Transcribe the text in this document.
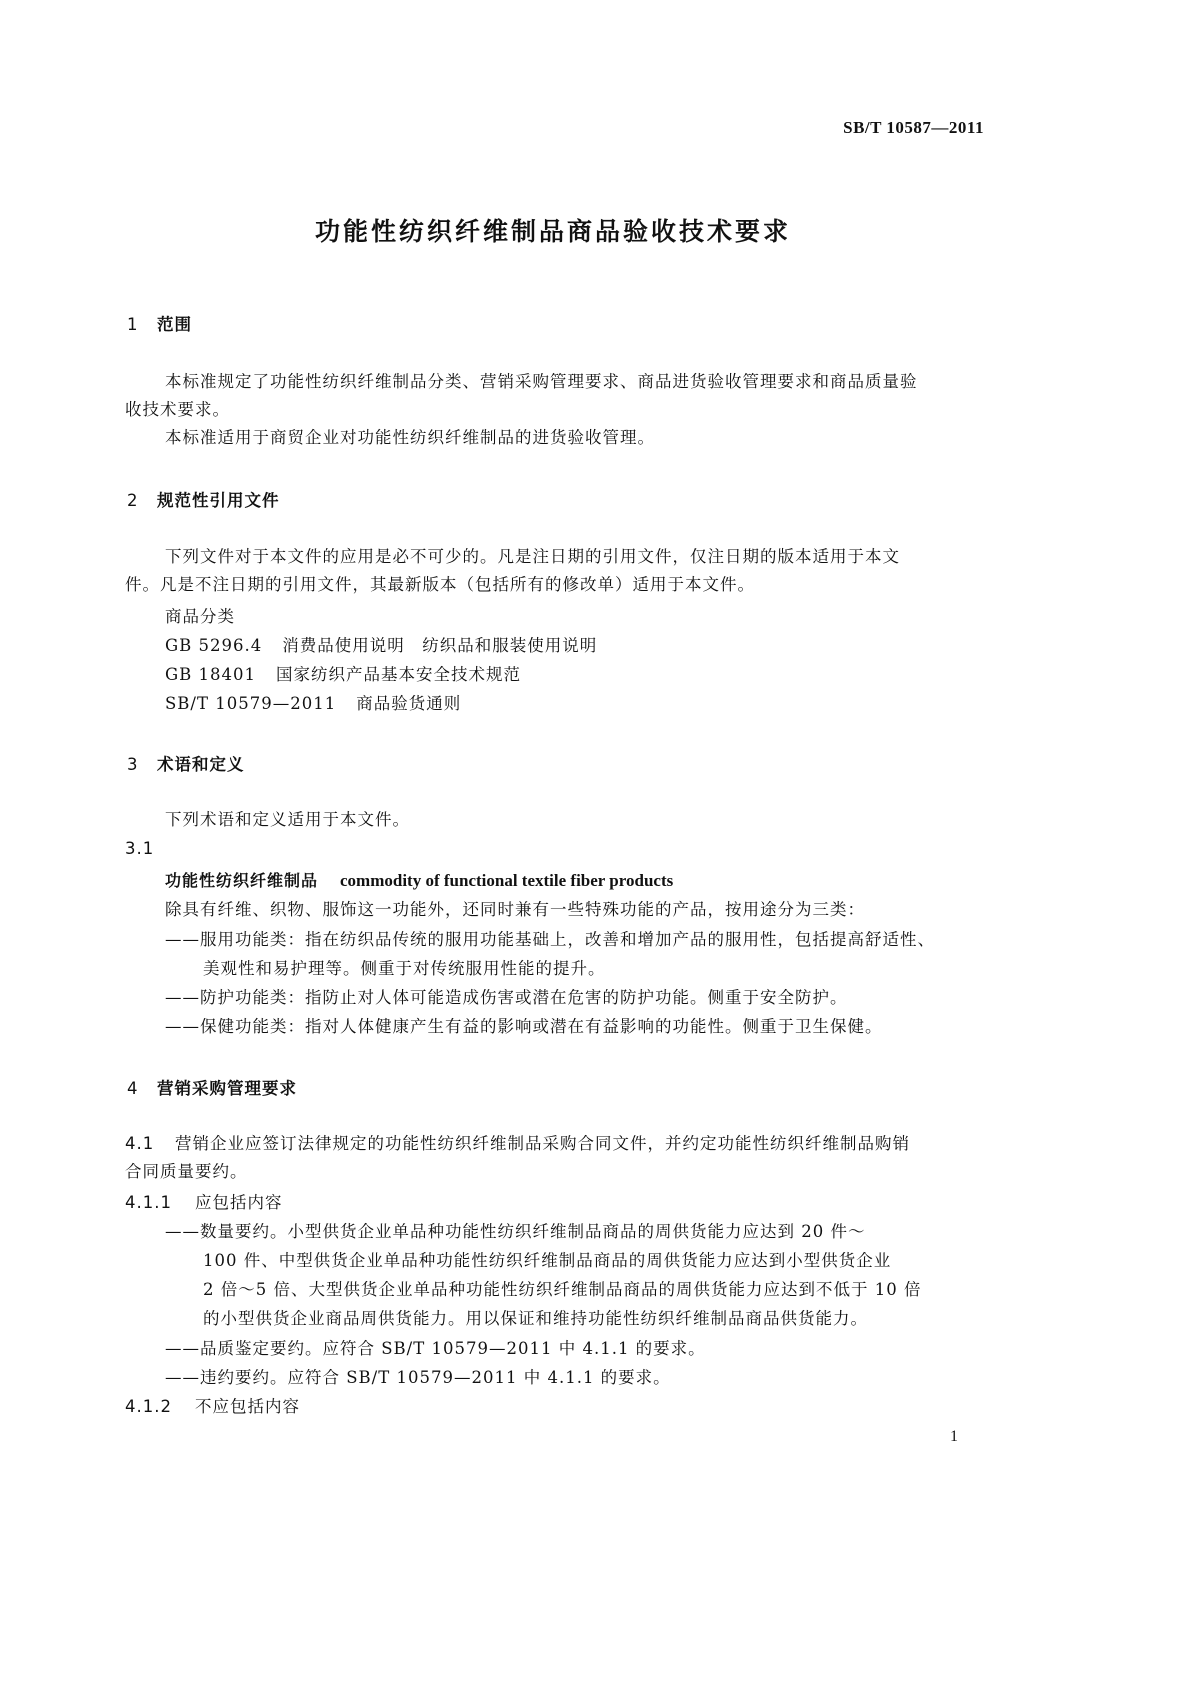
SB/T 10587—2011
功能性纺织纤维制品商品验收技术要求
1 范围
本标准规定了功能性纺织纤维制品分类、营销采购管理要求、商品进货验收管理要求和商品质量验
收技术要求。
本标准适用于商贸企业对功能性纺织纤维制品的进货验收管理。
2 规范性引用文件
下列文件对于本文件的应用是必不可少的。凡是注日期的引用文件，仅注日期的版本适用于本文
件。凡是不注日期的引用文件，其最新版本（包括所有的修改单）适用于本文件。
商品分类
GB 5296.4 消费品使用说明　纺织品和服装使用说明
GB 18401 国家纺织产品基本安全技术规范
SB/T 10579—2011 商品验货通则
3 术语和定义
下列术语和定义适用于本文件。
3.1
功能性纺织纤维制品 commodity of functional textile fiber products
除具有纤维、织物、服饰这一功能外，还同时兼有一些特殊功能的产品，按用途分为三类：
——服用功能类：指在纺织品传统的服用功能基础上，改善和增加产品的服用性，包括提高舒适性、
美观性和易护理等。侧重于对传统服用性能的提升。
——防护功能类：指防止对人体可能造成伤害或潜在危害的防护功能。侧重于安全防护。
——保健功能类：指对人体健康产生有益的影响或潜在有益影响的功能性。侧重于卫生保健。
4 营销采购管理要求
4.1 营销企业应签订法律规定的功能性纺织纤维制品采购合同文件，并约定功能性纺织纤维制品购销
合同质量要约。
4.1.1 应包括内容
——数量要约。小型供货企业单品种功能性纺织纤维制品商品的周供货能力应达到 20 件～
100 件、中型供货企业单品种功能性纺织纤维制品商品的周供货能力应达到小型供货企业
2 倍～5 倍、大型供货企业单品种功能性纺织纤维制品商品的周供货能力应达到不低于 10 倍
的小型供货企业商品周供货能力。用以保证和维持功能性纺织纤维制品商品供货能力。
——品质鉴定要约。应符合 SB/T 10579—2011 中 4.1.1 的要求。
——违约要约。应符合 SB/T 10579—2011 中 4.1.1 的要求。
4.1.2 不应包括内容
1
